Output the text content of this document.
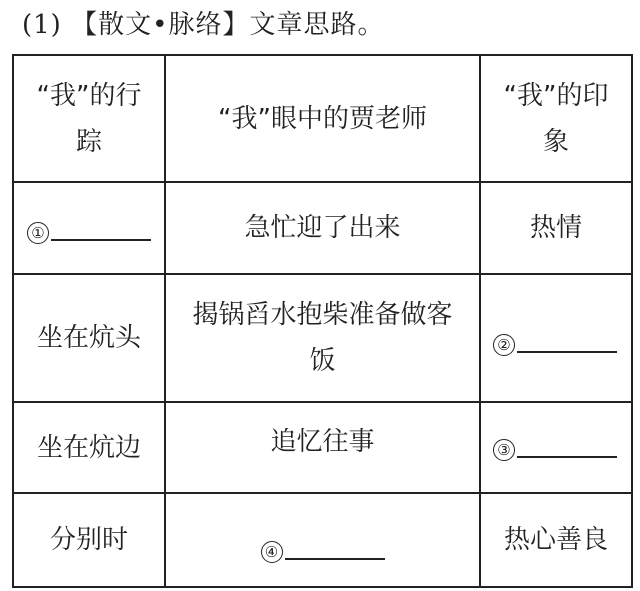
(1) 【散文•脉络】文章思路。
“我”的行踪	“我”眼中的贾老师	“我”的印象

①	急忙迎了出来	热情
坐在炕头	揭锅舀水抱柴准备做客饭	②

坐在炕边	追忆往事	③

分别时	④	热心善良
